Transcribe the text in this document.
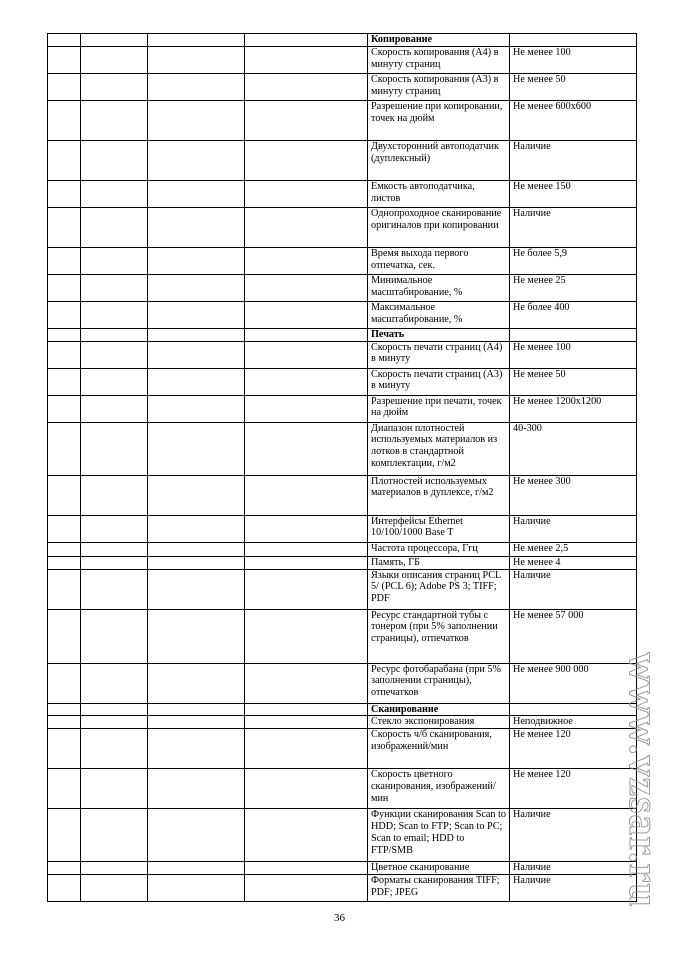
				Копирование	
				Скорость копирования (А4) в минуту страниц	Не менее 100
				Скорость копирования (А3) в минуту страниц	Не менее 50
				Разрешение при копировании, точек на дюйм	Не менее 600х600
				Двухсторонний автоподатчик (дуплексный)	Наличие
				Емкость автоподатчика, листов	Не менее 150
				Однопроходное сканирование оригиналов при копировании	Наличие
				Время выхода первого отпечатка, сек.	Не более 5,9
				Минимальное масштабирование, %	Не менее 25
				Максимальное масштабирование, %	Не более 400
				Печать	
				Скорость печати страниц (А4) в минуту	Не менее 100
				Скорость печати страниц (А3) в минуту	Не менее 50
				Разрешение при печати, точек на дюйм	Не менее 1200х1200
				Диапазон плотностей используемых материалов из лотков в стандартной комплектации, г/м2	40-300
				Плотностей используемых материалов в дуплексе, г/м2	Не менее 300
				Интерфейсы Ethernet 10/100/1000 Base T	Наличие
				Частота процессора, Ггц	Не менее 2,5
				Память, ГБ	Не менее 4
				Языки описания страниц PCL 5/ (PCL 6); Adobe PS 3; TIFF; PDF	Наличие
				Ресурс стандартной тубы с тонером (при 5% заполнении страницы), отпечатков	Не менее 57 000
				Ресурс фотобарабана (при 5% заполнении страницы), отпечатков	Не менее 900 000
				Сканирование	
				Стекло экспонирования	Неподвижное
				Скорость ч/б сканирования, изображений/мин	Не менее 120
				Скорость цветного сканирования, изображений/мин	Не менее 120
				Функции сканирования Scan to HDD; Scan to FTP; Scan to PC; Scan to email; HDD to FTP/SMB	Наличие
				Цветное сканирование	Наличие
				Форматы сканирования TIFF; PDF; JPEG	Наличие
36
www.vzsar.ru
